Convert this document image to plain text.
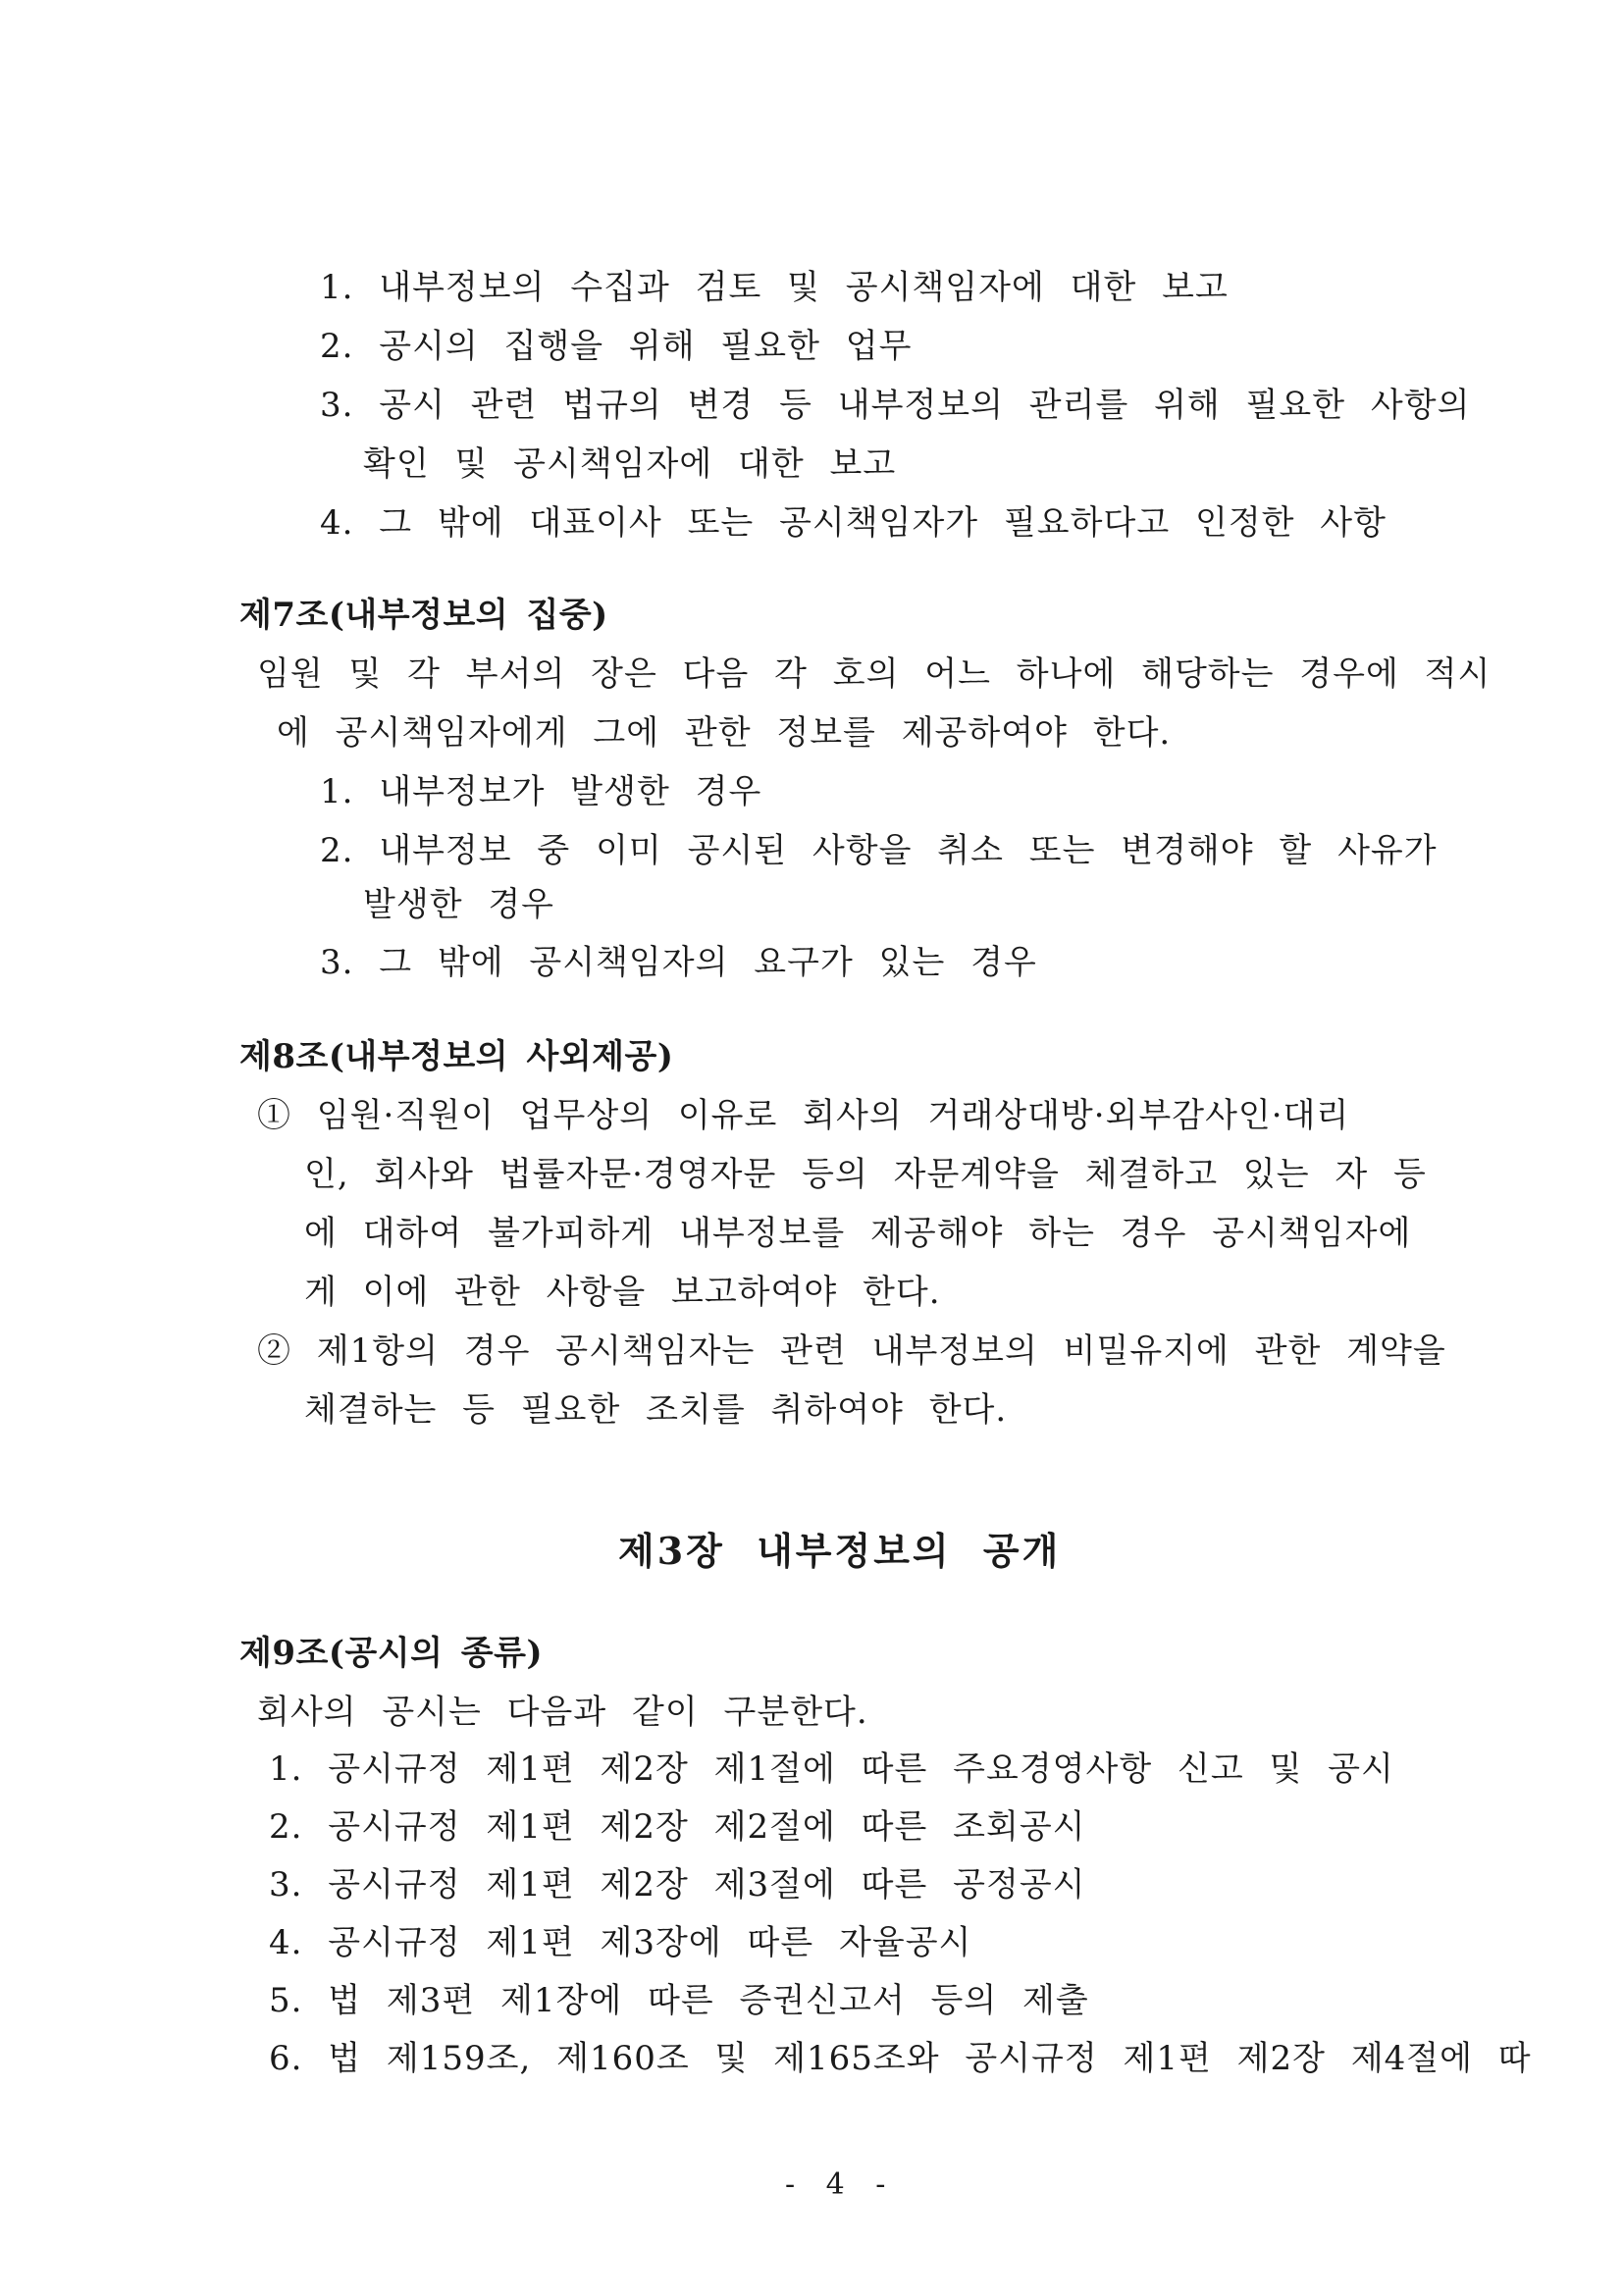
1. 내부정보의 수집과 검토 및 공시책임자에 대한 보고
2. 공시의 집행을 위해 필요한 업무
3. 공시 관련 법규의 변경 등 내부정보의 관리를 위해 필요한 사항의
확인 및 공시책임자에 대한 보고
4. 그 밖에 대표이사 또는 공시책임자가 필요하다고 인정한 사항
제7조(내부정보의 집중)
임원 및 각 부서의 장은 다음 각 호의 어느 하나에 해당하는 경우에 적시
에 공시책임자에게 그에 관한 정보를 제공하여야 한다.
1. 내부정보가 발생한 경우
2. 내부정보 중 이미 공시된 사항을 취소 또는 변경해야 할 사유가
발생한 경우
3. 그 밖에 공시책임자의 요구가 있는 경우
제8조(내부정보의 사외제공)
① 임원·직원이 업무상의 이유로 회사의 거래상대방·외부감사인·대리
인, 회사와 법률자문·경영자문 등의 자문계약을 체결하고 있는 자 등
에 대하여 불가피하게 내부정보를 제공해야 하는 경우 공시책임자에
게 이에 관한 사항을 보고하여야 한다.
② 제1항의 경우 공시책임자는 관련 내부정보의 비밀유지에 관한 계약을
체결하는 등 필요한 조치를 취하여야 한다.
제3장 내부정보의 공개
제9조(공시의 종류)
회사의 공시는 다음과 같이 구분한다.
1. 공시규정 제1편 제2장 제1절에 따른 주요경영사항 신고 및 공시
2. 공시규정 제1편 제2장 제2절에 따른 조회공시
3. 공시규정 제1편 제2장 제3절에 따른 공정공시
4. 공시규정 제1편 제3장에 따른 자율공시
5. 법 제3편 제1장에 따른 증권신고서 등의 제출
6. 법 제159조, 제160조 및 제165조와 공시규정 제1편 제2장 제4절에 따
- 4 -
